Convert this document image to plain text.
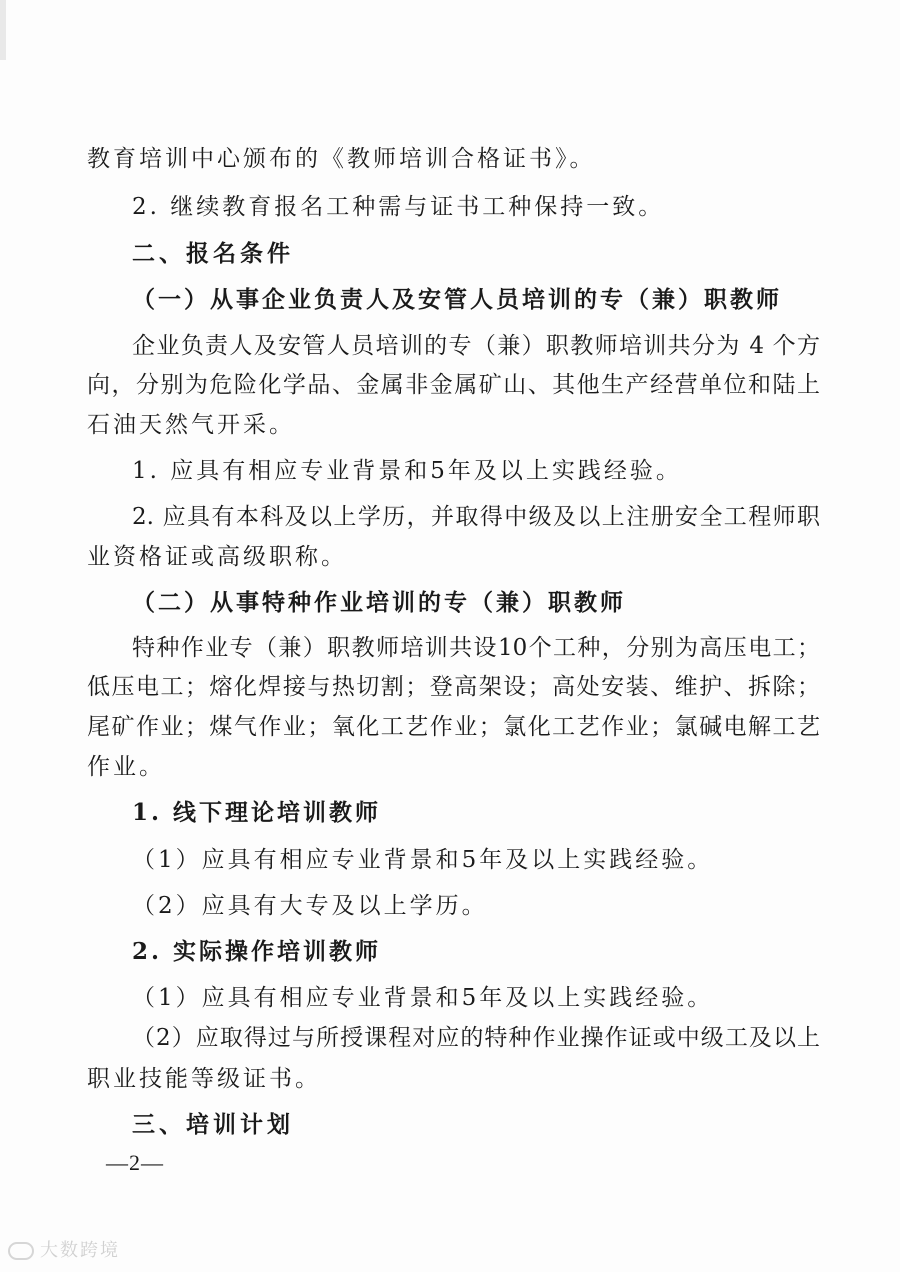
教育培训中心颁布的《教师培训合格证书》。
2. 继续教育报名工种需与证书工种保持一致。
二、报名条件
（一）从事企业负责人及安管人员培训的专（兼）职教师
企业负责人及安管人员培训的专（兼）职教师培训共分为 4 个方
向，分别为危险化学品、金属非金属矿山、其他生产经营单位和陆上
石油天然气开采。
1. 应具有相应专业背景和5年及以上实践经验。
2. 应具有本科及以上学历，并取得中级及以上注册安全工程师职
业资格证或高级职称。
（二）从事特种作业培训的专（兼）职教师
特种作业专（兼）职教师培训共设10个工种，分别为高压电工；
低压电工；熔化焊接与热切割；登高架设；高处安装、维护、拆除；
尾矿作业；煤气作业；氧化工艺作业；氯化工艺作业；氯碱电解工艺
作业。
1. 线下理论培训教师
（1）应具有相应专业背景和5年及以上实践经验。
（2）应具有大专及以上学历。
2. 实际操作培训教师
（1）应具有相应专业背景和5年及以上实践经验。
（2）应取得过与所授课程对应的特种作业操作证或中级工及以上
职业技能等级证书。
三、培训计划
—2—
大数跨境
